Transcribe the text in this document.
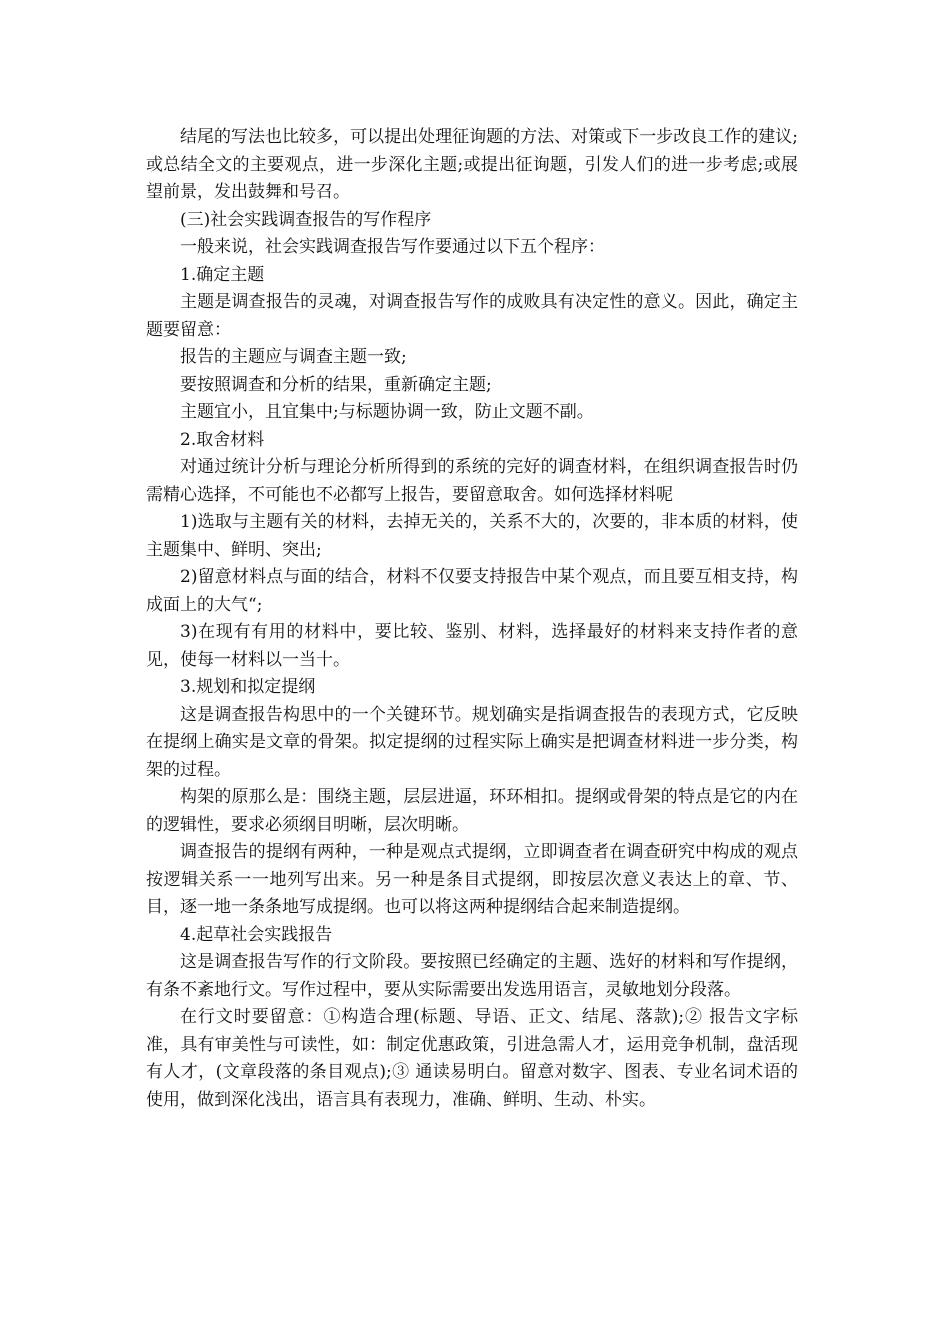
结尾的写法也比较多，可以提出处理征询题的方法、对策或下一步改良工作的建议;或总结全文的主要观点，进一步深化主题;或提出征询题，引发人们的进一步考虑;或展望前景，发出鼓舞和号召。

(三)社会实践调查报告的写作程序

一般来说，社会实践调查报告写作要通过以下五个程序：

1.确定主题

主题是调查报告的灵魂，对调查报告写作的成败具有决定性的意义。因此，确定主题要留意：

报告的主题应与调查主题一致;

要按照调查和分析的结果，重新确定主题;

主题宜小，且宜集中;与标题协调一致，防止文题不副。

2.取舍材料

对通过统计分析与理论分析所得到的系统的完好的调查材料，在组织调查报告时仍需精心选择，不可能也不必都写上报告，要留意取舍。如何选择材料呢

1)选取与主题有关的材料，去掉无关的，关系不大的，次要的，非本质的材料，使主题集中、鲜明、突出;

2)留意材料点与面的结合，材料不仅要支持报告中某个观点，而且要互相支持，构成面上的大气“;

3)在现有有用的材料中，要比较、鉴别、材料，选择最好的材料来支持作者的意见，使每一材料以一当十。

3.规划和拟定提纲

这是调查报告构思中的一个关键环节。规划确实是指调查报告的表现方式，它反映在提纲上确实是文章的骨架。拟定提纲的过程实际上确实是把调查材料进一步分类，构架的过程。

构架的原那么是：围绕主题，层层进逼，环环相扣。提纲或骨架的特点是它的内在的逻辑性，要求必须纲目明晰，层次明晰。

调查报告的提纲有两种，一种是观点式提纲，立即调查者在调查研究中构成的观点按逻辑关系一一地列写出来。另一种是条目式提纲，即按层次意义表达上的章、节、目，逐一地一条条地写成提纲。也可以将这两种提纲结合起来制造提纲。

4.起草社会实践报告

这是调查报告写作的行文阶段。要按照已经确定的主题、选好的材料和写作提纲，有条不紊地行文。写作过程中，要从实际需要出发选用语言，灵敏地划分段落。

在行文时要留意：①构造合理(标题、导语、正文、结尾、落款);② 报告文字标准，具有审美性与可读性，如：制定优惠政策，引进急需人才，运用竞争机制，盘活现有人才，(文章段落的条目观点);③ 通读易明白。留意对数字、图表、专业名词术语的使用，做到深化浅出，语言具有表现力，准确、鲜明、生动、朴实。
